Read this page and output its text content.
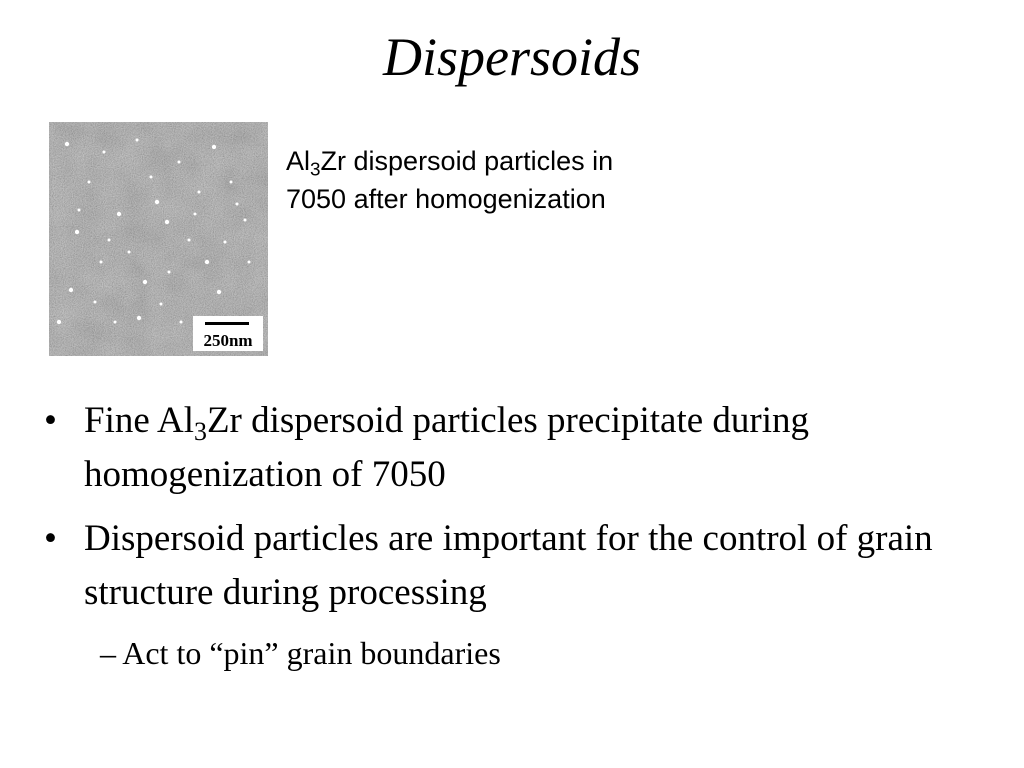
Dispersoids
250nm
$Al_3Zr$ dispersoid particles in
7050 after homogenization
• Fine $Al_3Zr$ dispersoid particles precipitate during homogenization of 7050
• Dispersoid particles are important for the control of grain structure during processing
– Act to “pin” grain boundaries
